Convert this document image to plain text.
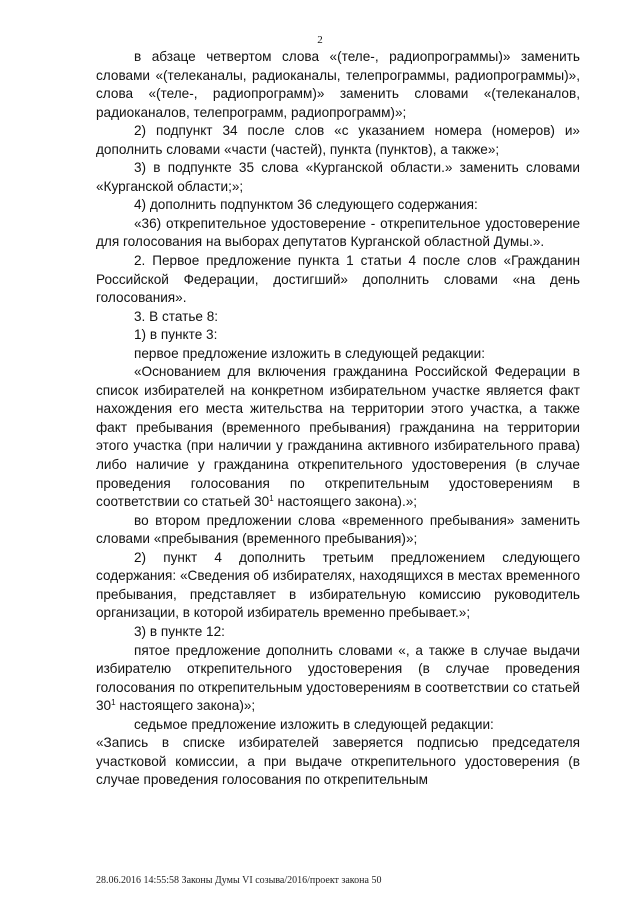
2

в абзаце четвертом слова «(теле-, радиопрограммы)» заменить словами «(телеканалы, радиоканалы, телепрограммы, радиопрограммы)», слова «(теле-, радиопрограмм)» заменить словами «(телеканалов, радиоканалов, телепрограмм, радиопрограмм)»;

2) подпункт 34 после слов «с указанием номера (номеров) и» дополнить словами «части (частей), пункта (пунктов), а также»;

3) в подпункте 35 слова «Курганской области.» заменить словами «Курганской области;»;

4) дополнить подпунктом 36 следующего содержания:

«36) открепительное удостоверение - открепительное удостоверение для голосования на выборах депутатов Курганской областной Думы.».

2. Первое предложение пункта 1 статьи 4 после слов «Гражданин Российской Федерации, достигший» дополнить словами «на день голосования».

3. В статье 8:

1) в пункте 3:

первое предложение изложить в следующей редакции:

«Основанием для включения гражданина Российской Федерации в список избирателей на конкретном избирательном участке является факт нахождения его места жительства на территории этого участка, а также факт пребывания (временного пребывания) гражданина на территории этого участка (при наличии у гражданина активного избирательного права) либо наличие у гражданина открепительного удостоверения (в случае проведения голосования по открепительным удостоверениям в соответствии со статьей $30^1$ настоящего закона).»;

во втором предложении слова «временного пребывания» заменить словами «пребывания (временного пребывания)»;

2) пункт 4 дополнить третьим предложением следующего содержания: «Сведения об избирателях, находящихся в местах временного пребывания, представляет в избирательную комиссию руководитель организации, в которой избиратель временно пребывает.»;

3) в пункте 12:

пятое предложение дополнить словами «, а также в случае выдачи избирателю открепительного удостоверения (в случае проведения голосования по открепительным удостоверениям в соответствии со статьей $30^1$ настоящего закона)»;

седьмое предложение изложить в следующей редакции:

«Запись в списке избирателей заверяется подписью председателя участковой комиссии, а при выдаче открепительного удостоверения (в случае проведения голосования по открепительным

28.06.2016 14:55:58 Законы Думы VI созыва/2016/проект закона 50
